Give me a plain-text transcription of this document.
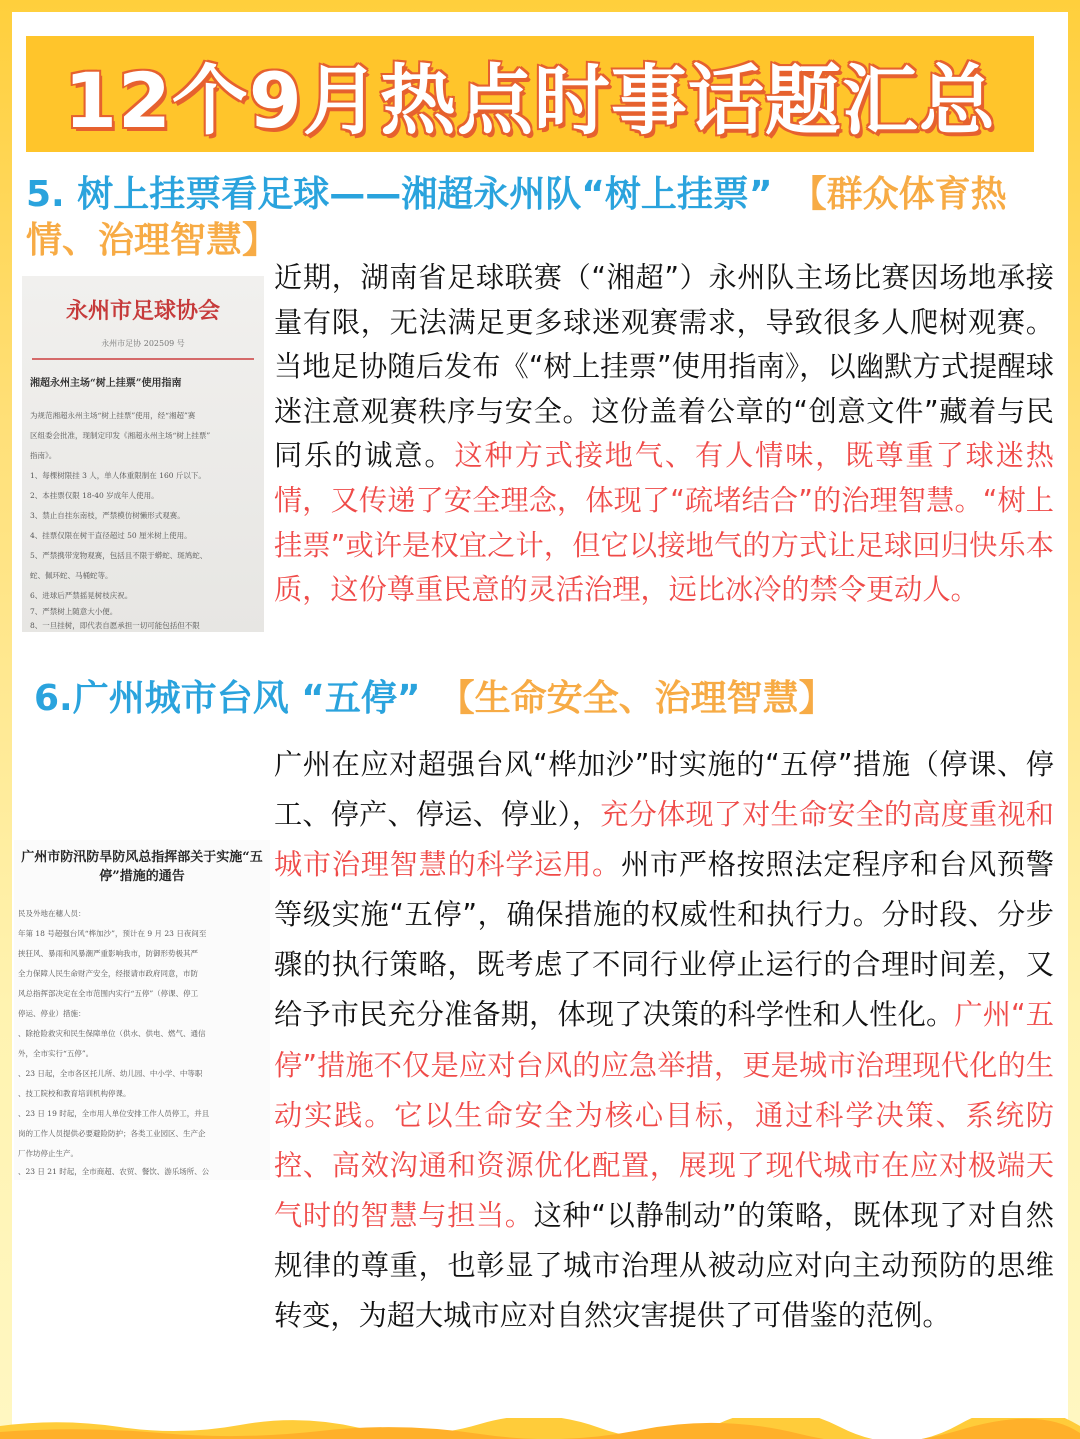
12个9月热点时事话题汇总
5. 树上挂票看足球——湘超永州队“树上挂票”　 【群众体育热情、治理智慧】
永州市足球协会
永州市足协 202509 号
湘超永州主场“树上挂票”使用指南
为规范湘超永州主场“树上挂票”使用，经“湘超”赛
区组委会批准，现制定印发《湘超永州主场“树上挂票”
指南》。
1、每棵树限挂 3 人，单人体重限制在 160 斤以下。
2、本挂票仅限 18-40 岁成年人使用。
3、禁止自挂东南枝，严禁模仿树懒形式观赛。
4、挂票仅限在树干直径超过 50 厘米树上使用。
5、严禁携带宠物观赛，包括且不限于蟒蛇、斑鸠蛇、
蛇、佩环蛇、马桶蛇等。
6、进球后严禁摇晃树枝庆祝。
7、严禁树上随意大小便。
8、一旦挂树，即代表自愿承担一切可能包括但不限
近期，湖南省足球联赛（“湘超”）永州队主场比赛因场地承接量有限，无法满足更多球迷观赛需求，导致很多人爬树观赛。当地足协随后发布《“树上挂票”使用指南》，以幽默方式提醒球迷注意观赛秩序与安全。这份盖着公章的“创意文件”藏着与民同乐的诚意。这种方式接地气、有人情味，既尊重了球迷热情，又传递了安全理念，体现了“疏堵结合”的治理智慧。“树上挂票”或许是权宜之计，但它以接地气的方式让足球回归快乐本质，这份尊重民意的灵活治理，远比冰冷的禁令更动人。
6.广州城市台风 “五停”　 【生命安全、治理智慧】
广州市防汛防旱防风总指挥部关于实施“五停”措施的通告
民及外地在穗人员：
年第 18 号超强台风“桦加沙”，预计在 9 月 23 日夜间至
挟狂风、暴雨和风暴潮严重影响我市，防御形势极其严
全力保障人民生命财产安全，经报请市政府同意，市防
风总指挥部决定在全市范围内实行“五停”（停课、停工
停运、停业）措施：
、除抢险救灾和民生保障单位（供水、供电、燃气、通信
外，全市实行“五停”。
、23 日起，全市各区托儿所、幼儿园、中小学、中等职
、技工院校和教育培训机构停课。
、23 日 19 时起，全市用人单位安排工作人员停工，并且
岗的工作人员提供必要避险防护；各类工业园区、生产企
厂作坊停止生产。
、23 日 21 时起，全市商超、农贸、餐饮、游乐场所、公
广州在应对超强台风“桦加沙”时实施的“五停”措施（停课、停工、停产、停运、停业），充分体现了对生命安全的高度重视和城市治理智慧的科学运用。州市严格按照法定程序和台风预警等级实施“五停”，确保措施的权威性和执行力。分时段、分步骤的执行策略，既考虑了不同行业停止运行的合理时间差，又给予市民充分准备期，体现了决策的科学性和人性化。广州“五停”措施不仅是应对台风的应急举措，更是城市治理现代化的生动实践。它以生命安全为核心目标，通过科学决策、系统防控、高效沟通和资源优化配置，展现了现代城市在应对极端天气时的智慧与担当。这种“以静制动”的策略，既体现了对自然规律的尊重，也彰显了城市治理从被动应对向主动预防的思维转变，为超大城市应对自然灾害提供了可借鉴的范例。
